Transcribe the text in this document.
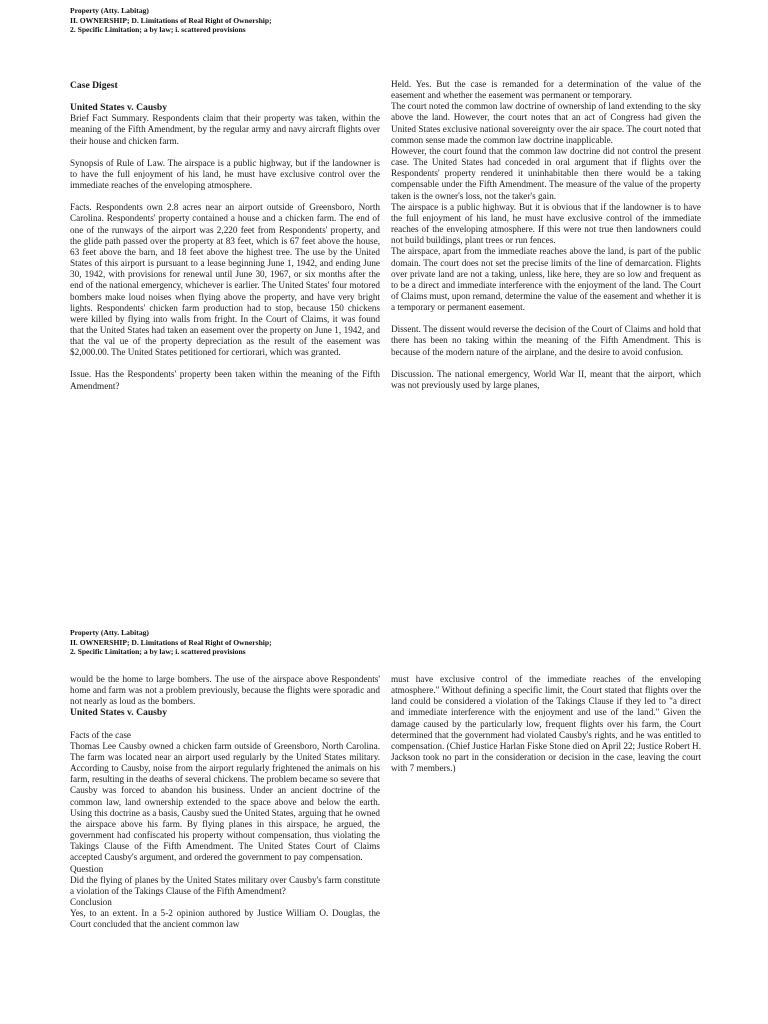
Property (Atty. Labitag)
II. OWNERSHIP; D. Limitations of Real Right of Ownership;
2. Specific Limitation; a by law; i. scattered provisions

Case Digest

United States v. Causby

Brief Fact Summary. Respondents claim that their property was taken, within the meaning of the Fifth Amendment, by the regular army and navy aircraft flights over their house and chicken farm.

Synopsis of Rule of Law. The airspace is a public highway, but if the landowner is to have the full enjoyment of his land, he must have exclusive control over the immediate reaches of the enveloping atmosphere.

Facts. Respondents own 2.8 acres near an airport outside of Greensboro, North Carolina. Respondents' property contained a house and a chicken farm. The end of one of the runways of the airport was 2,220 feet from Respondents' property, and the glide path passed over the property at 83 feet, which is 67 feet above the house, 63 feet above the barn, and 18 feet above the highest tree. The use by the United States of this airport is pursuant to a lease beginning June 1, 1942, and ending June 30, 1942, with provisions for renewal until June 30, 1967, or six months after the end of the national emergency, whichever is earlier. The United States' four motored bombers make loud noises when flying above the property, and have very bright lights. Respondents' chicken farm production had to stop, because 150 chickens were killed by flying into walls from fright. In the Court of Claims, it was found that the United States had taken an easement over the property on June 1, 1942, and that the val ue of the property depreciation as the result of the easement was $2,000.00. The United States petitioned for certiorari, which was granted.

Issue. Has the Respondents' property been taken within the meaning of the Fifth Amendment?

Held. Yes. But the case is remanded for a determination of the value of the easement and whether the easement was permanent or temporary.

The court noted the common law doctrine of ownership of land extending to the sky above the land. However, the court notes that an act of Congress had given the United States exclusive national sovereignty over the air space. The court noted that common sense made the common law doctrine inapplicable.

However, the court found that the common law doctrine did not control the present case. The United States had conceded in oral argument that if flights over the Respondents' property rendered it uninhabitable then there would be a taking compensable under the Fifth Amendment. The measure of the value of the property taken is the owner's loss, not the taker's gain.

The airspace is a public highway. But it is obvious that if the landowner is to have the full enjoyment of his land, he must have exclusive control of the immediate reaches of the enveloping atmosphere. If this were not true then landowners could not build buildings, plant trees or run fences.

The airspace, apart from the immediate reaches above the land, is part of the public domain. The court does not set the precise limits of the line of demarcation. Flights over private land are not a taking, unless, like here, they are so low and frequent as to be a direct and immediate interference with the enjoyment of the land. The Court of Claims must, upon remand, determine the value of the easement and whether it is a temporary or permanent easement.

Dissent. The dissent would reverse the decision of the Court of Claims and hold that there has been no taking within the meaning of the Fifth Amendment. This is because of the modern nature of the airplane, and the desire to avoid confusion.

Discussion. The national emergency, World War II, meant that the airport, which was not previously used by large planes,

Property (Atty. Labitag)
II. OWNERSHIP; D. Limitations of Real Right of Ownership;
2. Specific Limitation; a by law; i. scattered provisions

would be the home to large bombers. The use of the airspace above Respondents' home and farm was not a problem previously, because the flights were sporadic and not nearly as loud as the bombers.

United States v. Causby

Facts of the case

Thomas Lee Causby owned a chicken farm outside of Greensboro, North Carolina. The farm was located near an airport used regularly by the United States military. According to Causby, noise from the airport regularly frightened the animals on his farm, resulting in the deaths of several chickens. The problem became so severe that Causby was forced to abandon his business. Under an ancient doctrine of the common law, land ownership extended to the space above and below the earth. Using this doctrine as a basis, Causby sued the United States, arguing that he owned the airspace above his farm. By flying planes in this airspace, he argued, the government had confiscated his property without compensation, thus violating the Takings Clause of the Fifth Amendment. The United States Court of Claims accepted Causby's argument, and ordered the government to pay compensation.

Question

Did the flying of planes by the United States military over Causby's farm constitute a violation of the Takings Clause of the Fifth Amendment?

Conclusion

Yes, to an extent. In a 5-2 opinion authored by Justice William O. Douglas, the Court concluded that the ancient common law

must have exclusive control of the immediate reaches of the enveloping atmosphere." Without defining a specific limit, the Court stated that flights over the land could be considered a violation of the Takings Clause if they led to "a direct and immediate interference with the enjoyment and use of the land." Given the damage caused by the particularly low, frequent flights over his farm, the Court determined that the government had violated Causby's rights, and he was entitled to compensation. (Chief Justice Harlan Fiske Stone died on April 22; Justice Robert H. Jackson took no part in the consideration or decision in the case, leaving the court with 7 members.)
